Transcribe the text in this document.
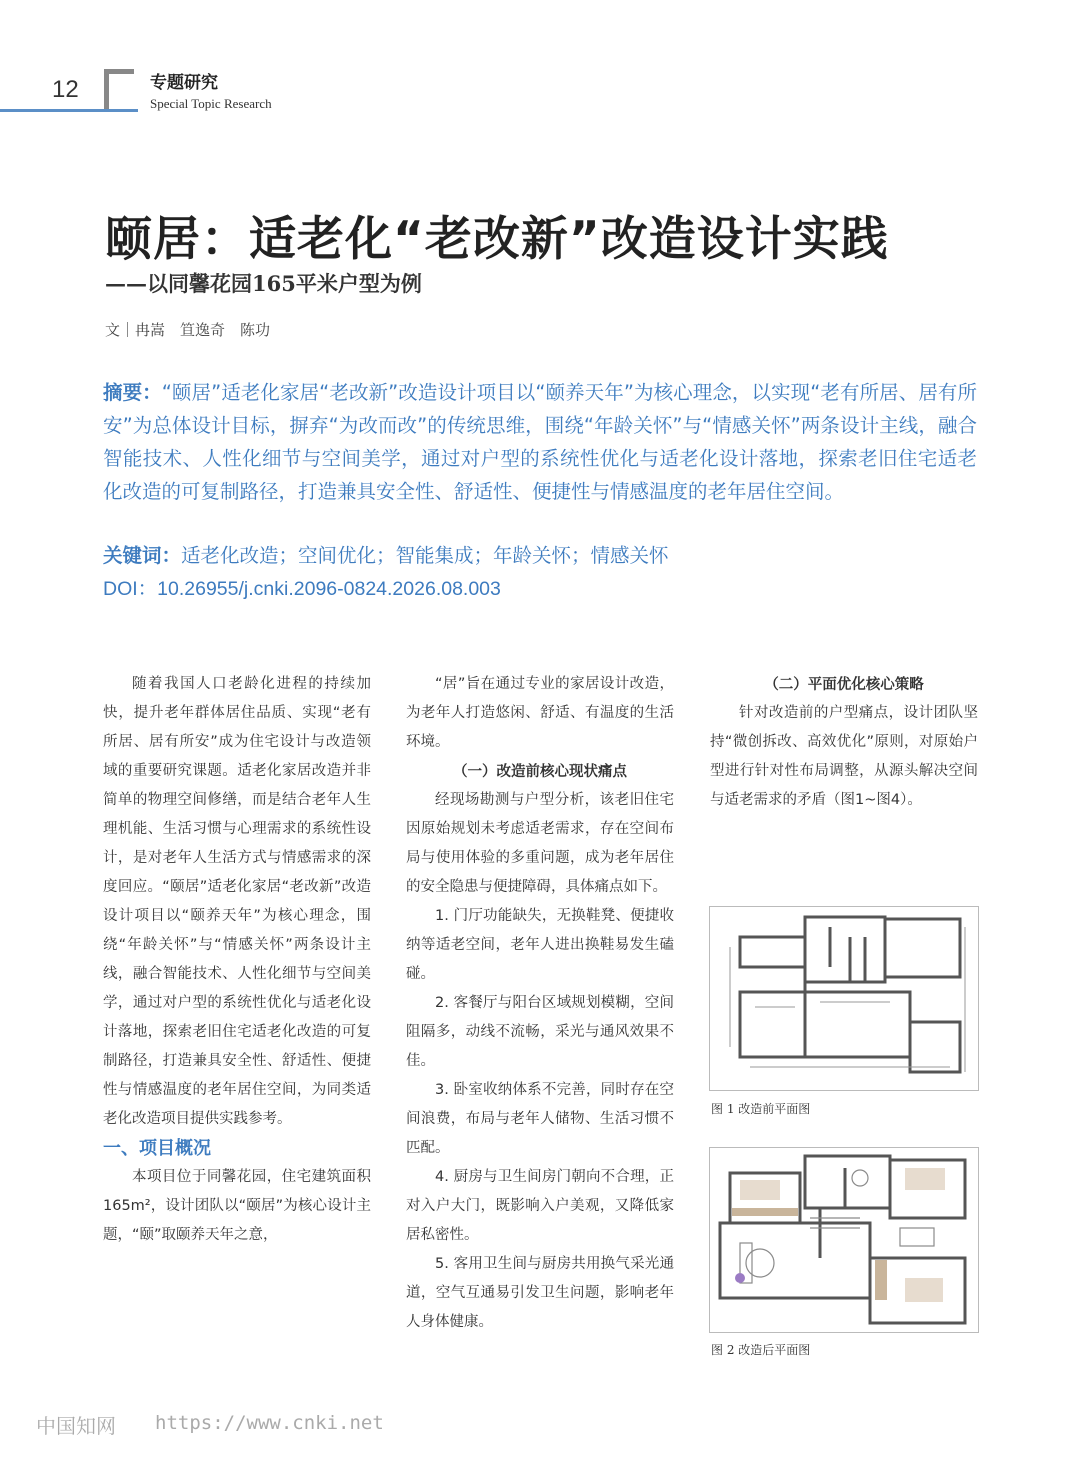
12	专题研究
Special Topic Research
颐居：适老化“老改新”改造设计实践
——以同馨花园165平米户型为例
文｜冉嵩　笪逸奇　陈功
摘要：“颐居”适老化家居“老改新”改造设计项目以“颐养天年”为核心理念，以实现“老有所居、居有所安”为总体设计目标，摒弃“为改而改”的传统思维，围绕“年龄关怀”与“情感关怀”两条设计主线，融合智能技术、人性化细节与空间美学，通过对户型的系统性优化与适老化设计落地，探索老旧住宅适老化改造的可复制路径，打造兼具安全性、舒适性、便捷性与情感温度的老年居住空间。
关键词：适老化改造；空间优化；智能集成；年龄关怀；情感关怀
DOI：10.26955/j.cnki.2096-0824.2026.08.003

随着我国人口老龄化进程的持续加快，提升老年群体居住品质、实现“老有所居、居有所安”成为住宅设计与改造领域的重要研究课题。适老化家居改造并非简单的物理空间修缮，而是结合老年人生理机能、生活习惯与心理需求的系统性设计，是对老年人生活方式与情感需求的深度回应。“颐居”适老化家居“老改新”改造设计项目以“颐养天年”为核心理念，围绕“年龄关怀”与“情感关怀”两条设计主线，融合智能技术、人性化细节与空间美学，通过对户型的系统性优化与适老化设计落地，探索老旧住宅适老化改造的可复制路径，打造兼具安全性、舒适性、便捷性与情感温度的老年居住空间，为同类适老化改造项目提供实践参考。

一、项目概况

本项目位于同馨花园，住宅建筑面积165m²，设计团队以“颐居”为核心设计主题，“颐”取颐养天年之意，

“居”旨在通过专业的家居设计改造，为老年人打造悠闲、舒适、有温度的生活环境。

（一）改造前核心现状痛点

经现场勘测与户型分析，该老旧住宅因原始规划未考虑适老需求，存在空间布局与使用体验的多重问题，成为老年居住的安全隐患与便捷障碍，具体痛点如下。

1. 门厅功能缺失，无换鞋凳、便捷收纳等适老空间，老年人进出换鞋易发生磕碰。

2. 客餐厅与阳台区域规划模糊，空间阻隔多，动线不流畅，采光与通风效果不佳。

3. 卧室收纳体系不完善，同时存在空间浪费，布局与老年人储物、生活习惯不匹配。

4. 厨房与卫生间房门朝向不合理，正对入户大门，既影响入户美观，又降低家居私密性。

5. 客用卫生间与厨房共用换气采光通道，空气互通易引发卫生问题，影响老年人身体健康。

（二）平面优化核心策略

针对改造前的户型痛点，设计团队坚持“微创拆改、高效优化”原则，对原始户型进行针对性布局调整，从源头解决空间与适老需求的矛盾（图1~图4）。

图 1 改造前平面图
图 2 改造后平面图
中国知网 https://www.cnki.net
